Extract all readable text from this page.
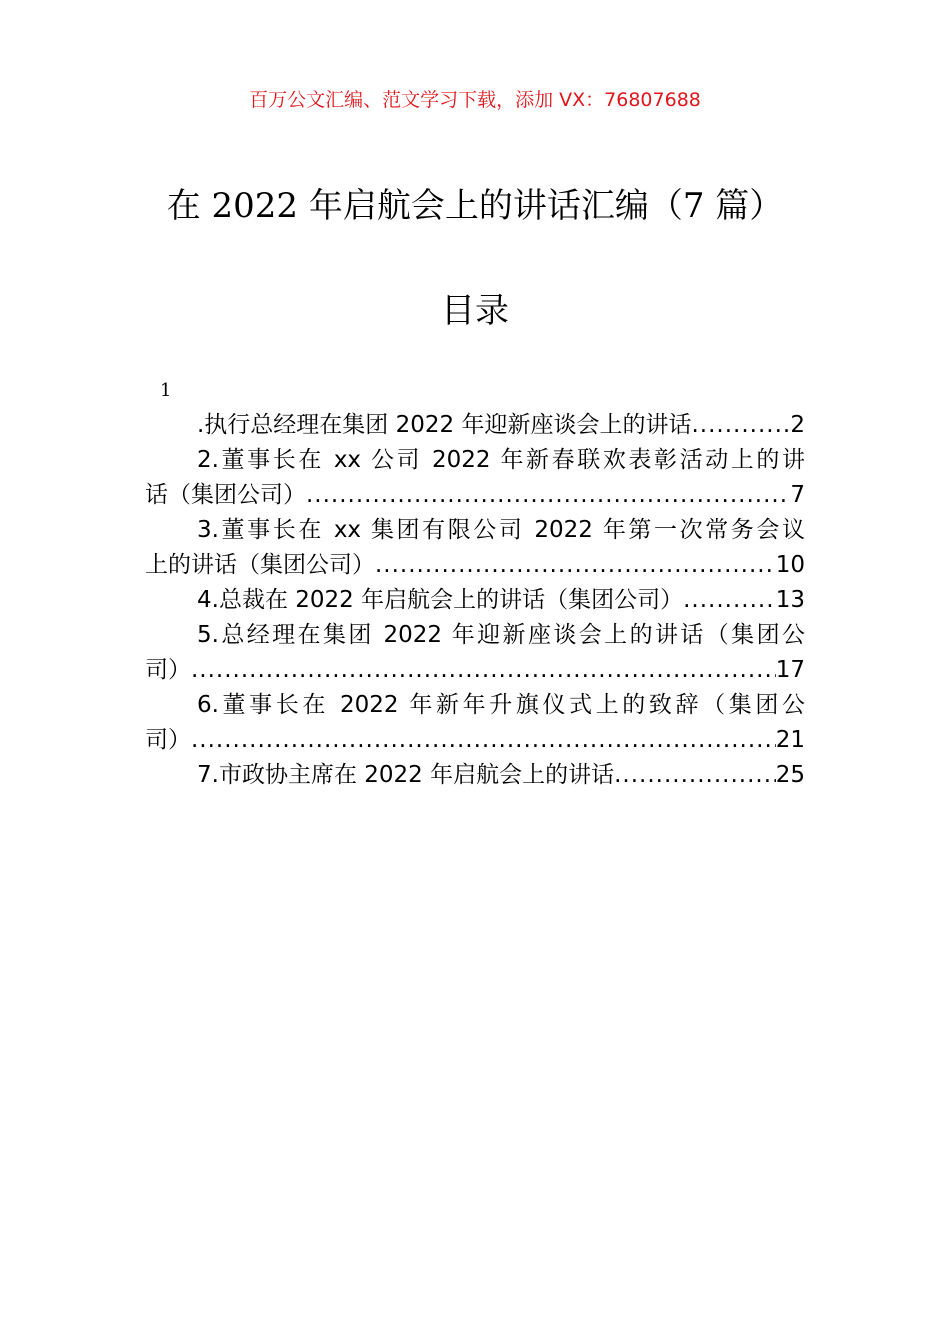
百万公文汇编、范文学习下载，添加 VX：76807688
在 2022 年启航会上的讲话汇编（7 篇）
目录
1
.执行总经理在集团 2022 年迎新座谈会上的讲话 .....	2
2.董事长在 xx 公司 2022 年新春联欢表彰活动上的讲
话（集团公司） .....	7
3.董事长在 xx 集团有限公司 2022 年第一次常务会议
上的讲话（集团公司） .....	10
4.总裁在 2022 年启航会上的讲话（集团公司） .....	13
5.总经理在集团 2022 年迎新座谈会上的讲话（集团公
司） .....	17
6.董事长在 2022 年新年升旗仪式上的致辞（集团公
司） .....	21
7.市政协主席在 2022 年启航会上的讲话 .....	25
